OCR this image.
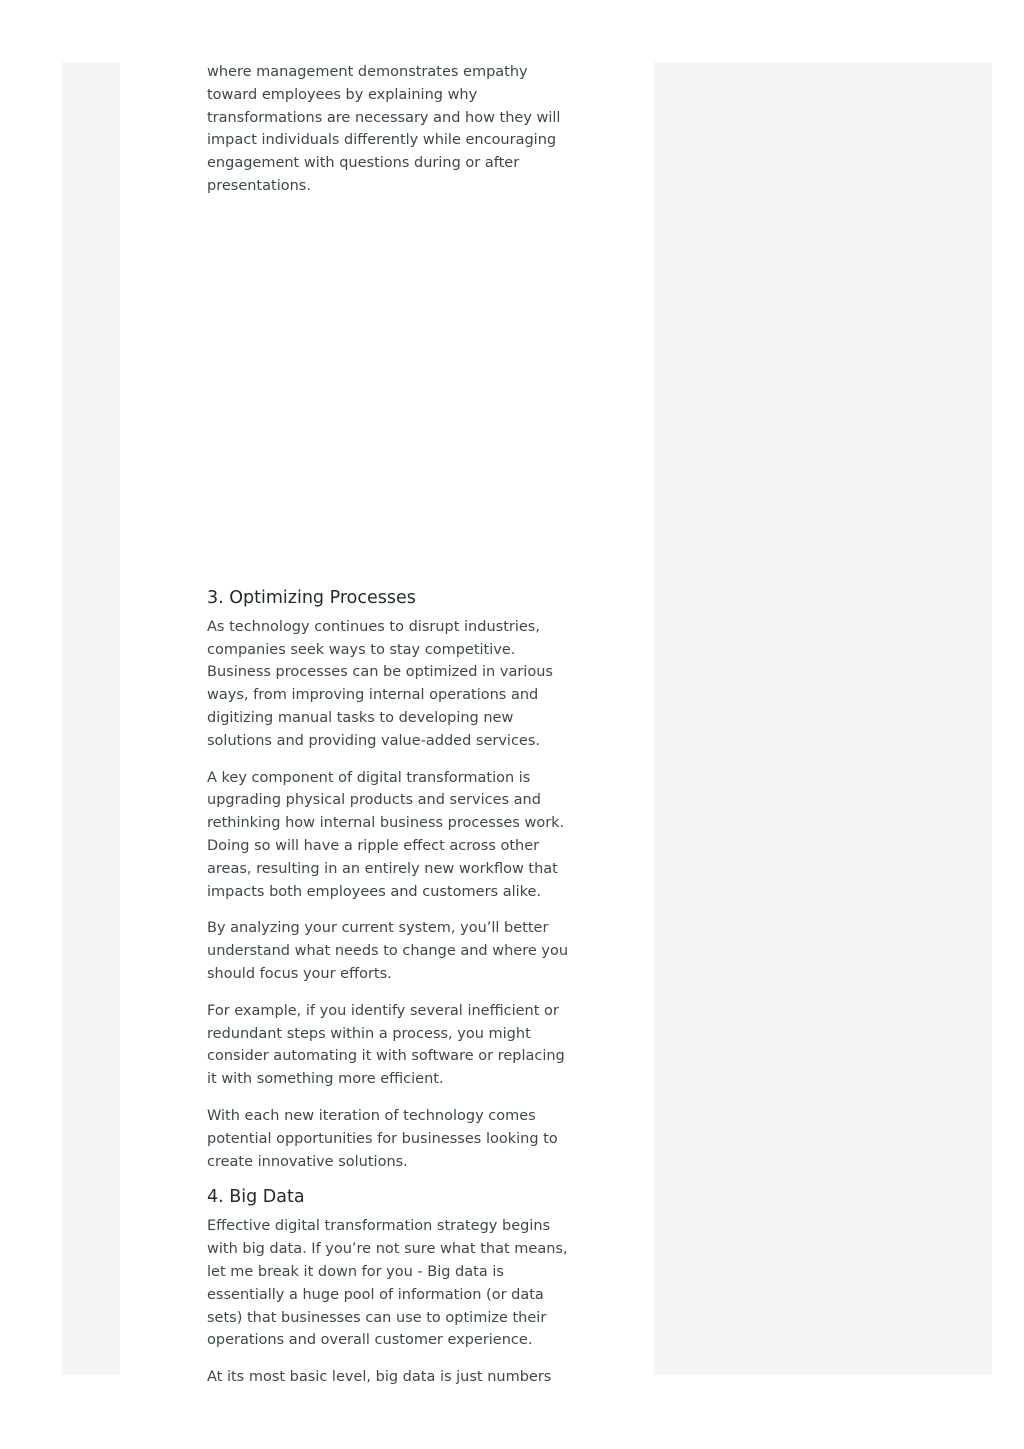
where management demonstrates empathy toward employees by explaining why transformations are necessary and how they will impact individuals differently while encouraging engagement with questions during or after presentations.

3. Optimizing Processes

As technology continues to disrupt industries, companies seek ways to stay competitive. Business processes can be optimized in various ways, from improving internal operations and digitizing manual tasks to developing new solutions and providing value-added services.

A key component of digital transformation is upgrading physical products and services and rethinking how internal business processes work. Doing so will have a ripple effect across other areas, resulting in an entirely new workflow that impacts both employees and customers alike.

By analyzing your current system, you’ll better understand what needs to change and where you should focus your efforts.

For example, if you identify several inefficient or redundant steps within a process, you might consider automating it with software or replacing it with something more efficient.

With each new iteration of technology comes potential opportunities for businesses looking to create innovative solutions.

4. Big Data

Effective digital transformation strategy begins with big data. If you’re not sure what that means, let me break it down for you - Big data is essentially a huge pool of information (or data sets) that businesses can use to optimize their operations and overall customer experience.

At its most basic level, big data is just numbers
